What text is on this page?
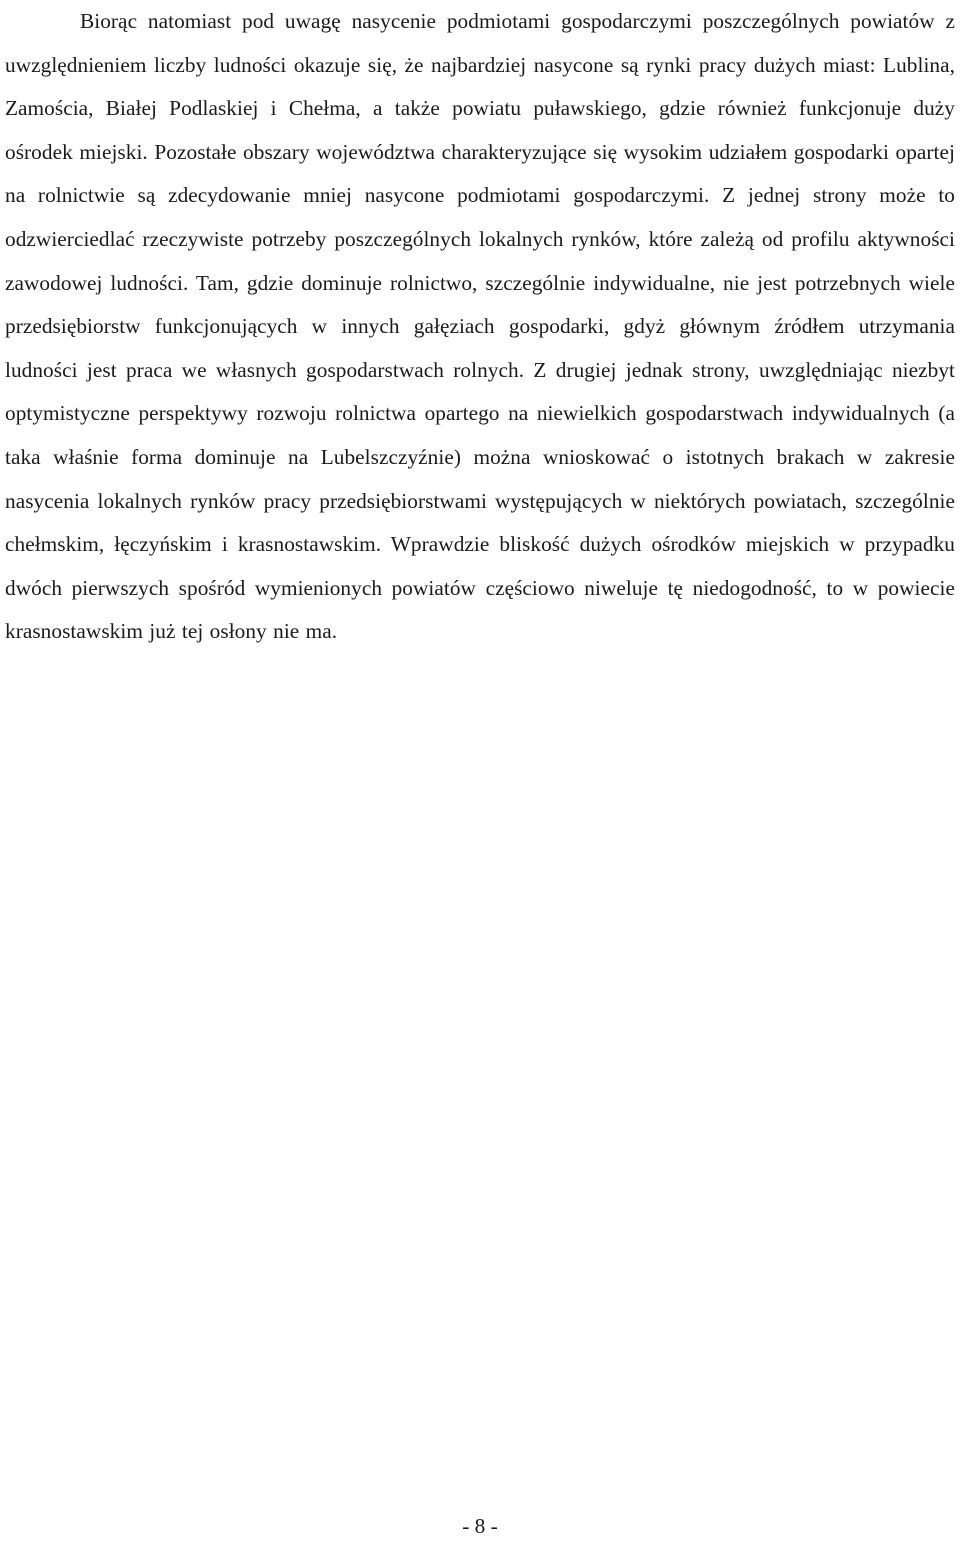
Biorąc natomiast pod uwagę nasycenie podmiotami gospodarczymi poszczególnych powiatów z uwzględnieniem liczby ludności okazuje się, że najbardziej nasycone są rynki pracy dużych miast: Lublina, Zamościa, Białej Podlaskiej i Chełma, a także powiatu puławskiego, gdzie również funkcjonuje duży ośrodek miejski. Pozostałe obszary województwa charakteryzujące się wysokim udziałem gospodarki opartej na rolnictwie są zdecydowanie mniej nasycone podmiotami gospodarczymi. Z jednej strony może to odzwierciedlać rzeczywiste potrzeby poszczególnych lokalnych rynków, które zależą od profilu aktywności zawodowej ludności. Tam, gdzie dominuje rolnictwo, szczególnie indywidualne, nie jest potrzebnych wiele przedsiębiorstw funkcjonujących w innych gałęziach gospodarki, gdyż głównym źródłem utrzymania ludności jest praca we własnych gospodarstwach rolnych. Z drugiej jednak strony, uwzględniając niezbyt optymistyczne perspektywy rozwoju rolnictwa opartego na niewielkich gospodarstwach indywidualnych (a taka właśnie forma dominuje na Lubelszczyźnie) można wnioskować o istotnych brakach w zakresie nasycenia lokalnych rynków pracy przedsiębiorstwami występujących w niektórych powiatach, szczególnie chełmskim, łęczyńskim i krasnostawskim. Wprawdzie bliskość dużych ośrodków miejskich w przypadku dwóch pierwszych spośród wymienionych powiatów częściowo niweluje tę niedogodność, to w powiecie krasnostawskim już tej osłony nie ma.

- 8 -
